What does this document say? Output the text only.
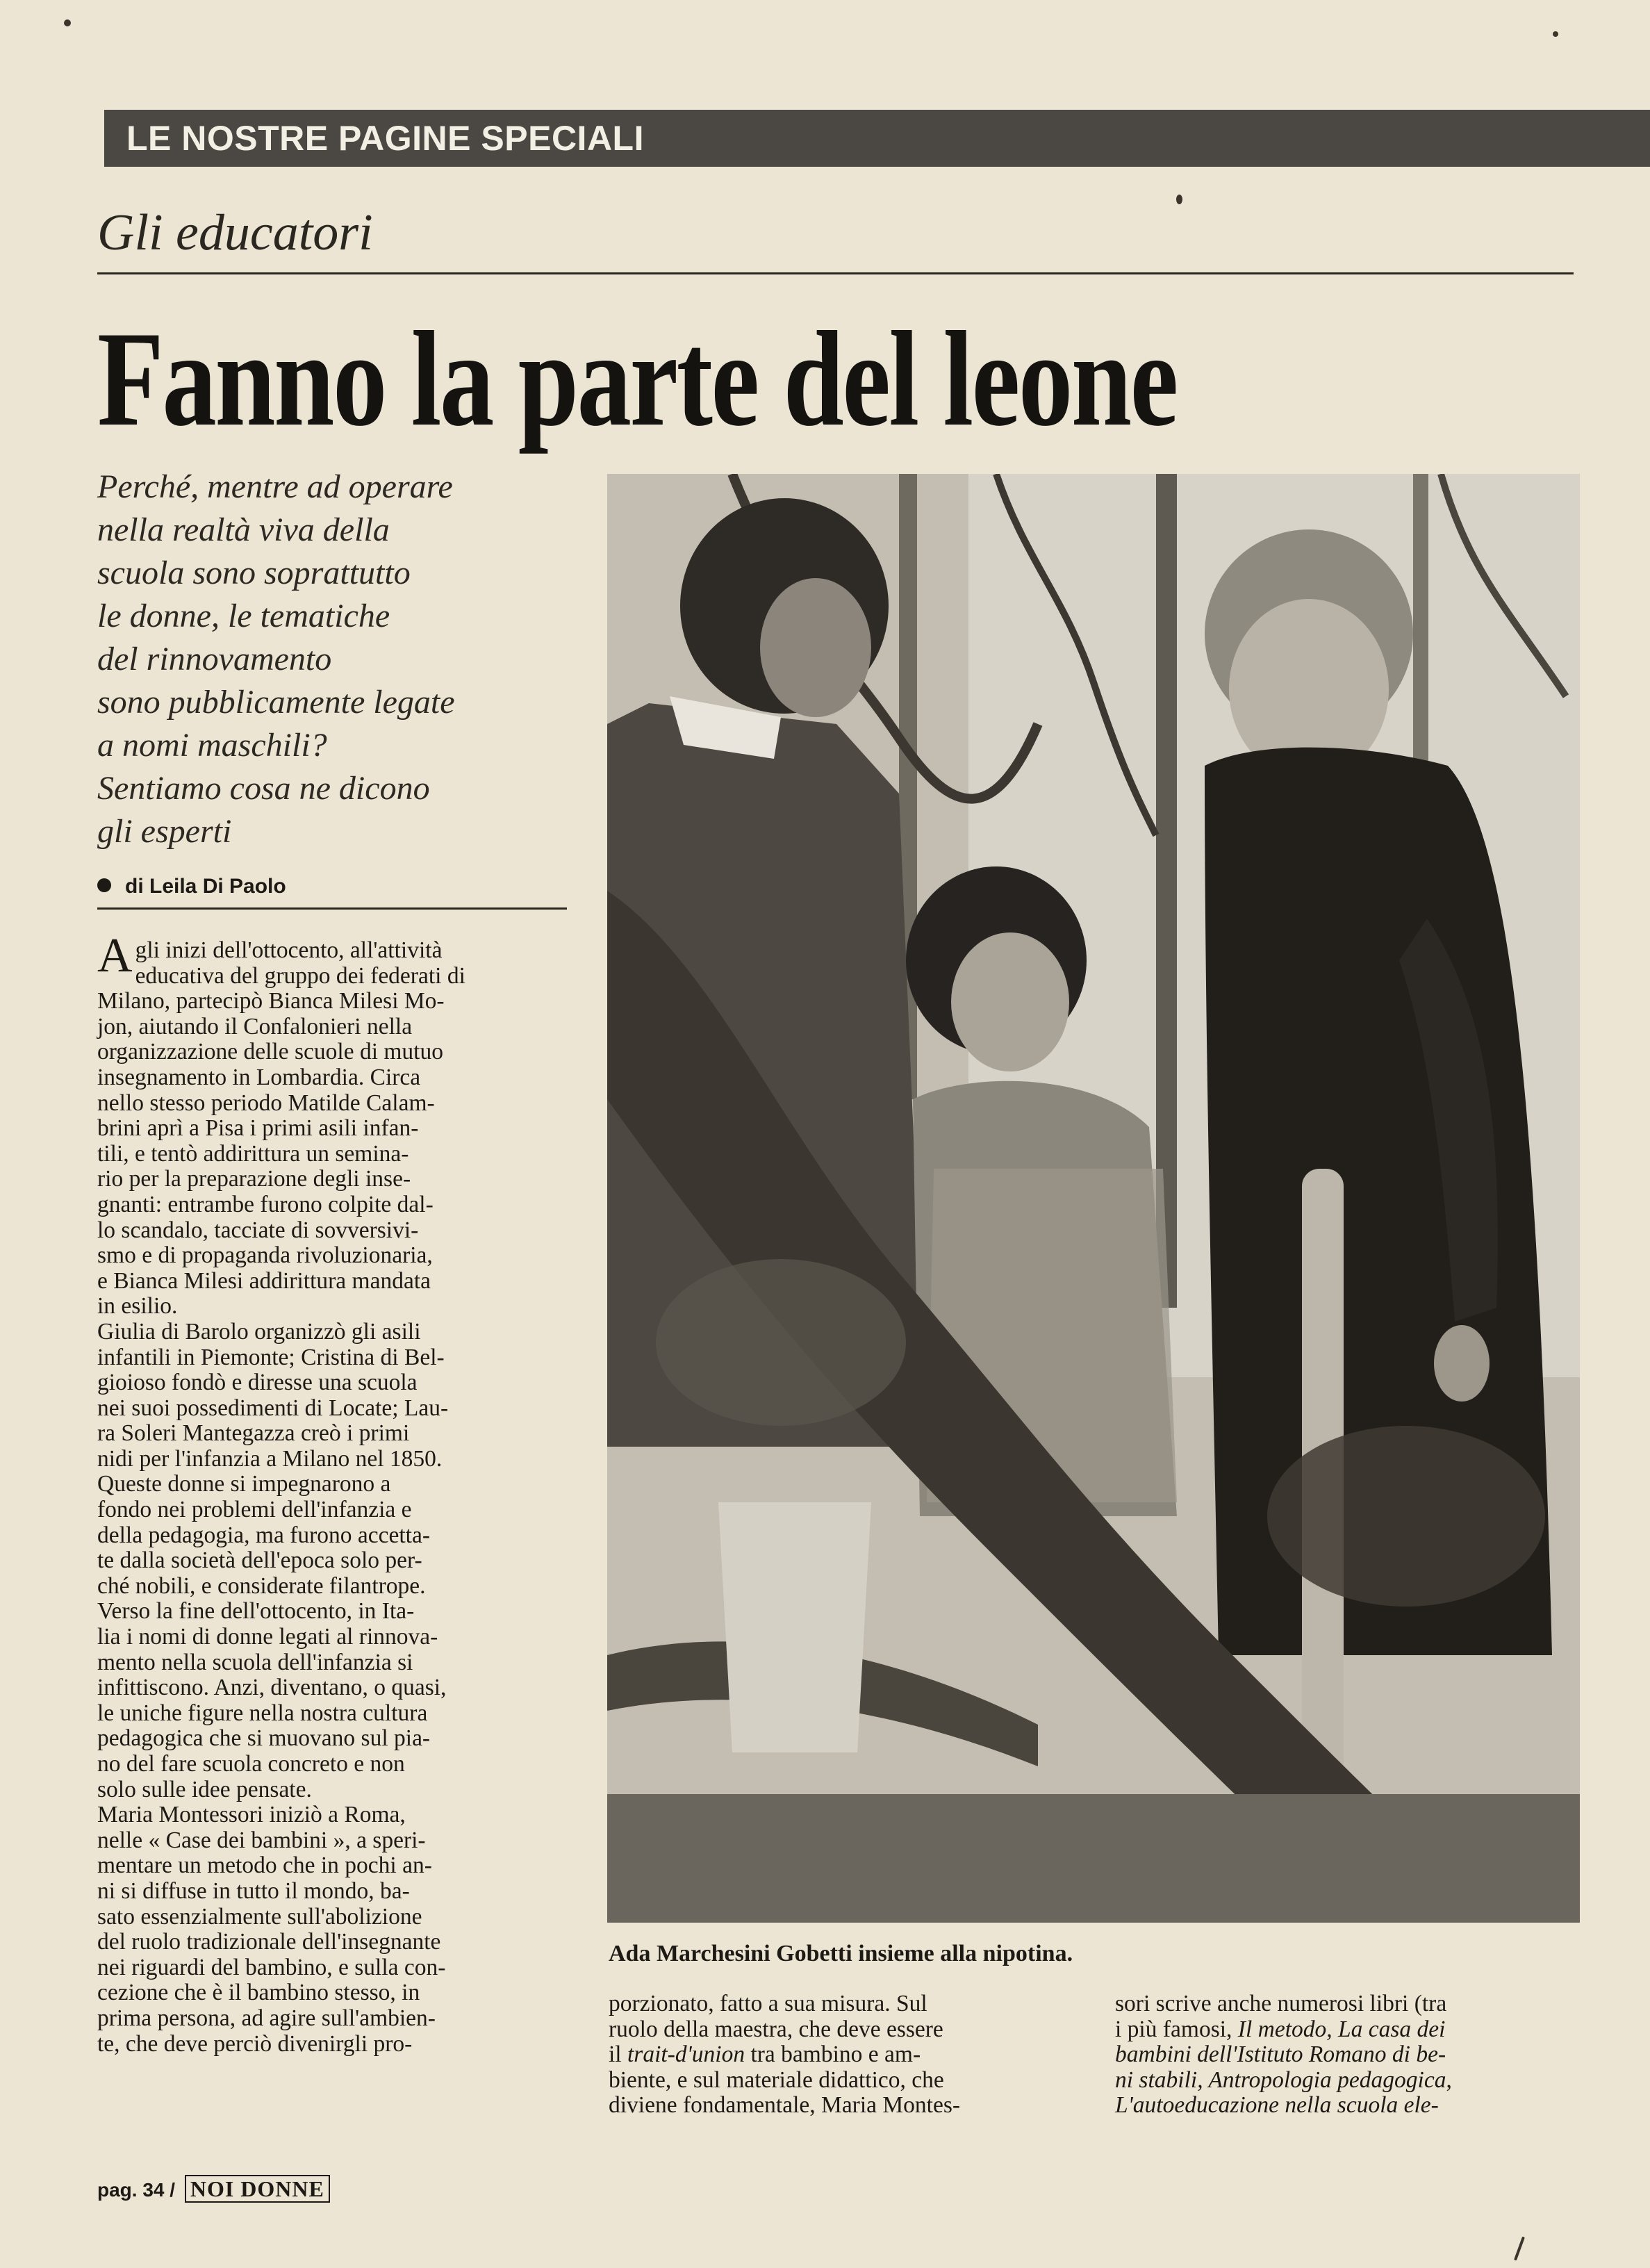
LE NOSTRE PAGINE SPECIALI
Gli educatori
Fanno la parte del leone
Perché, mentre ad operare
nella realtà viva della
scuola sono soprattutto
le donne, le tematiche
del rinnovamento
sono pubblicamente legate
a nomi maschili?
Sentiamo cosa ne dicono
gli esperti
di Leila Di Paolo
A gli inizi dell'ottocento, all'attività
educativa del gruppo dei federati di
Milano, partecipò Bianca Milesi Mo-
jon, aiutando il Confalonieri nella
organizzazione delle scuole di mutuo
insegnamento in Lombardia. Circa
nello stesso periodo Matilde Calam-
brini aprì a Pisa i primi asili infan-
tili, e tentò addirittura un semina-
rio per la preparazione degli inse-
gnanti: entrambe furono colpite dal-
lo scandalo, tacciate di sovversivi-
smo e di propaganda rivoluzionaria,
e Bianca Milesi addirittura mandata
in esilio.
Giulia di Barolo organizzò gli asili
infantili in Piemonte; Cristina di Bel-
gioioso fondò e diresse una scuola
nei suoi possedimenti di Locate; Lau-
ra Soleri Mantegazza creò i primi
nidi per l'infanzia a Milano nel 1850.
Queste donne si impegnarono a
fondo nei problemi dell'infanzia e
della pedagogia, ma furono accetta-
te dalla società dell'epoca solo per-
ché nobili, e considerate filantrope.
Verso la fine dell'ottocento, in Ita-
lia i nomi di donne legati al rinnova-
mento nella scuola dell'infanzia si
infittiscono. Anzi, diventano, o quasi,
le uniche figure nella nostra cultura
pedagogica che si muovano sul pia-
no del fare scuola concreto e non
solo sulle idee pensate.
Maria Montessori iniziò a Roma,
nelle « Case dei bambini », a speri-
mentare un metodo che in pochi an-
ni si diffuse in tutto il mondo, ba-
sato essenzialmente sull'abolizione
del ruolo tradizionale dell'insegnante
nei riguardi del bambino, e sulla con-
cezione che è il bambino stesso, in
prima persona, ad agire sull'ambien-
te, che deve perciò divenirgli pro-
Ada Marchesini Gobetti insieme alla nipotina.
porzionato, fatto a sua misura. Sul
ruolo della maestra, che deve essere
il trait-d'union tra bambino e am-
biente, e sul materiale didattico, che
diviene fondamentale, Maria Montes-
sori scrive anche numerosi libri (tra
i più famosi, Il metodo, La casa dei
bambini dell'Istituto Romano di be-
ni stabili, Antropologia pedagogica,
L'autoeducazione nella scuola ele-
pag. 34 / NOI DONNE
